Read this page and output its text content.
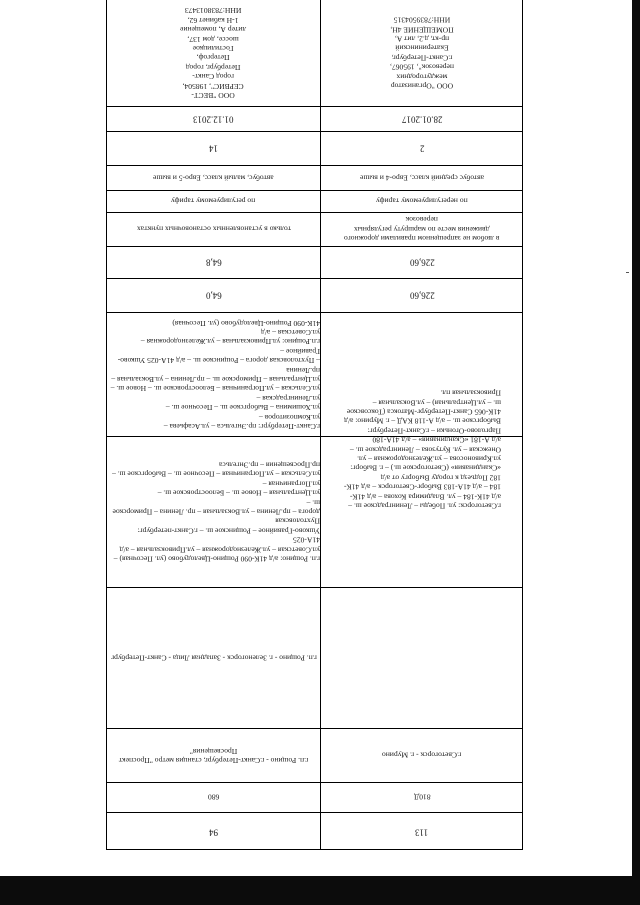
ООО "ВЕСТ-
СЕРВИС", 198504,
город Санкт-
Петербург, город
Петергоф,
Гостилицкое
шоссе, дом 137,
литер А, помещение
1-Н кабинет 62,
ИНН:7838013473
01.12.2013
14
автобус, малый класс, Евро-5 и выше
по регулируемому тарифу
только в установленных остановочных пунктах
64,8
64,0
г.Санкт-Петербург: пр.Энгельса – ул.Асафьева – ул.Композиторов –
ул.Хошимина – Выборгское ш. – Песочное ш. – ул.Ленинградская –
ул.Сельская – ул.Пограничная – Белоостровское ш. – Новое ш. –
ул.Центральная – Приморское ш. – пр.Ленина – ул.Вокзальная – пр.Ленина
– Пухтоловская дорога – Рощинское ш. – а/д 41А-025 Ушково-Гравийное –
г.п.Рощино: ул.Привокзальная – ул.Железнодорожная – ул.Советская – а/д
41К-090 Рощино-Цвелодубово (ул. Песочная)
г.п. Рощино: а/д 41К-090 Рощино-Цвелодубово (ул. Песочная) –
ул.Советская – ул.Железнодорожная – ул.Привокзальная – а/д 41А-025
Ушково-Гравийное – Рощинское ш. – г.Санкт-петербург: Пухтоловская
дорога – пр.Ленина – ул.Вокзальная – пр. Ленина – Приморское ш. –
ул.Центральная – Новое ш. – Белоостровское ш. – ул.Пограничная –
ул.Сельская – ул.Пограничная – Песочное ш. – Выборгское ш. –
пр.Просвещения – пр.Энгельса
г.п. Рощино - г. Зеленогорск - Западная Лица - Санкт-Петербург
г.п. Рощино - г.Санкт-Петербург, станция метро "Проспект Просвещения"
680
94
ООО "Организатор
междугородних
перевозок", 195067,
г.Санкт-Петербург,
Екатерининский
пр-кт, д.2, лит А,
ПОМЕЩЕНИЕ 4Н,
ИНН:7839504315
28.01.2017
2
автобус средний класс, Евро-4 и выше
по нерегулируемому тарифу
в любом не запрещенном правилами дорожного
движения месте по маршруту регулярных
перевозок
226,60
226,60
г.Светогорск: ул. Победы – Ленинградское ш. –
а/д 41К-184 – ул. Владимира Кохова – а/д 41К-
184 – а/д 41А-183 Выборг-Светогорск – а/д 41К-
182 Подъезд к городу Выборгу от а/д
«Скандинавия» (Светогорское ш.) – г. Выборг:
ул.Кривоносова – ул.Железнодорожная – ул.
Онежская – ул. Кутузова – Ленинградское ш. –
а/д А-181 «Скандинавия» – а/д 41А-180
Парголово-Огоньки – г.Санкт-Петербург:
Выборгское ш. – а/д А-118 КАД – г. Мурино: а/д
41К-065 Санкт-Петербург-Матокса (Токсовское
ш. – ул.Центральная) – ул.Вокзальная –
Привокзальная пл.
г.Светогорск - г. Мурино
810Д
113
